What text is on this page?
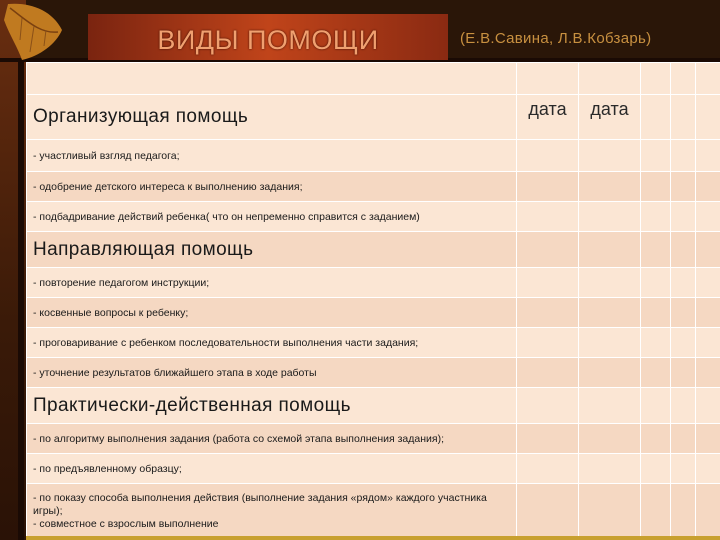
ВИДЫ ПОМОЩИ	(Е.В.Савина, Л.В.Кобзарь)

Организующая помощь	дата	дата			
- участливый взгляд педагога;					
- одобрение детского интереса к выполнению задания;					
- подбадривание действий ребенка( что он непременно справится с заданием)					
Направляющая помощь					
- повторение педагогом инструкции;					
- косвенные вопросы к ребенку;					
- проговаривание с ребенком последовательности выполнения части задания;					
- уточнение результатов ближайшего этапа в ходе работы					
Практически-действенная помощь					
- по алгоритму выполнения задания (работа со схемой этапа выполнения задания);					
- по предъявленному образцу;					

- по показу способа выполнения действия (выполнение задания «рядом» каждого участника игры);
- совместное с взрослым выполнение					
